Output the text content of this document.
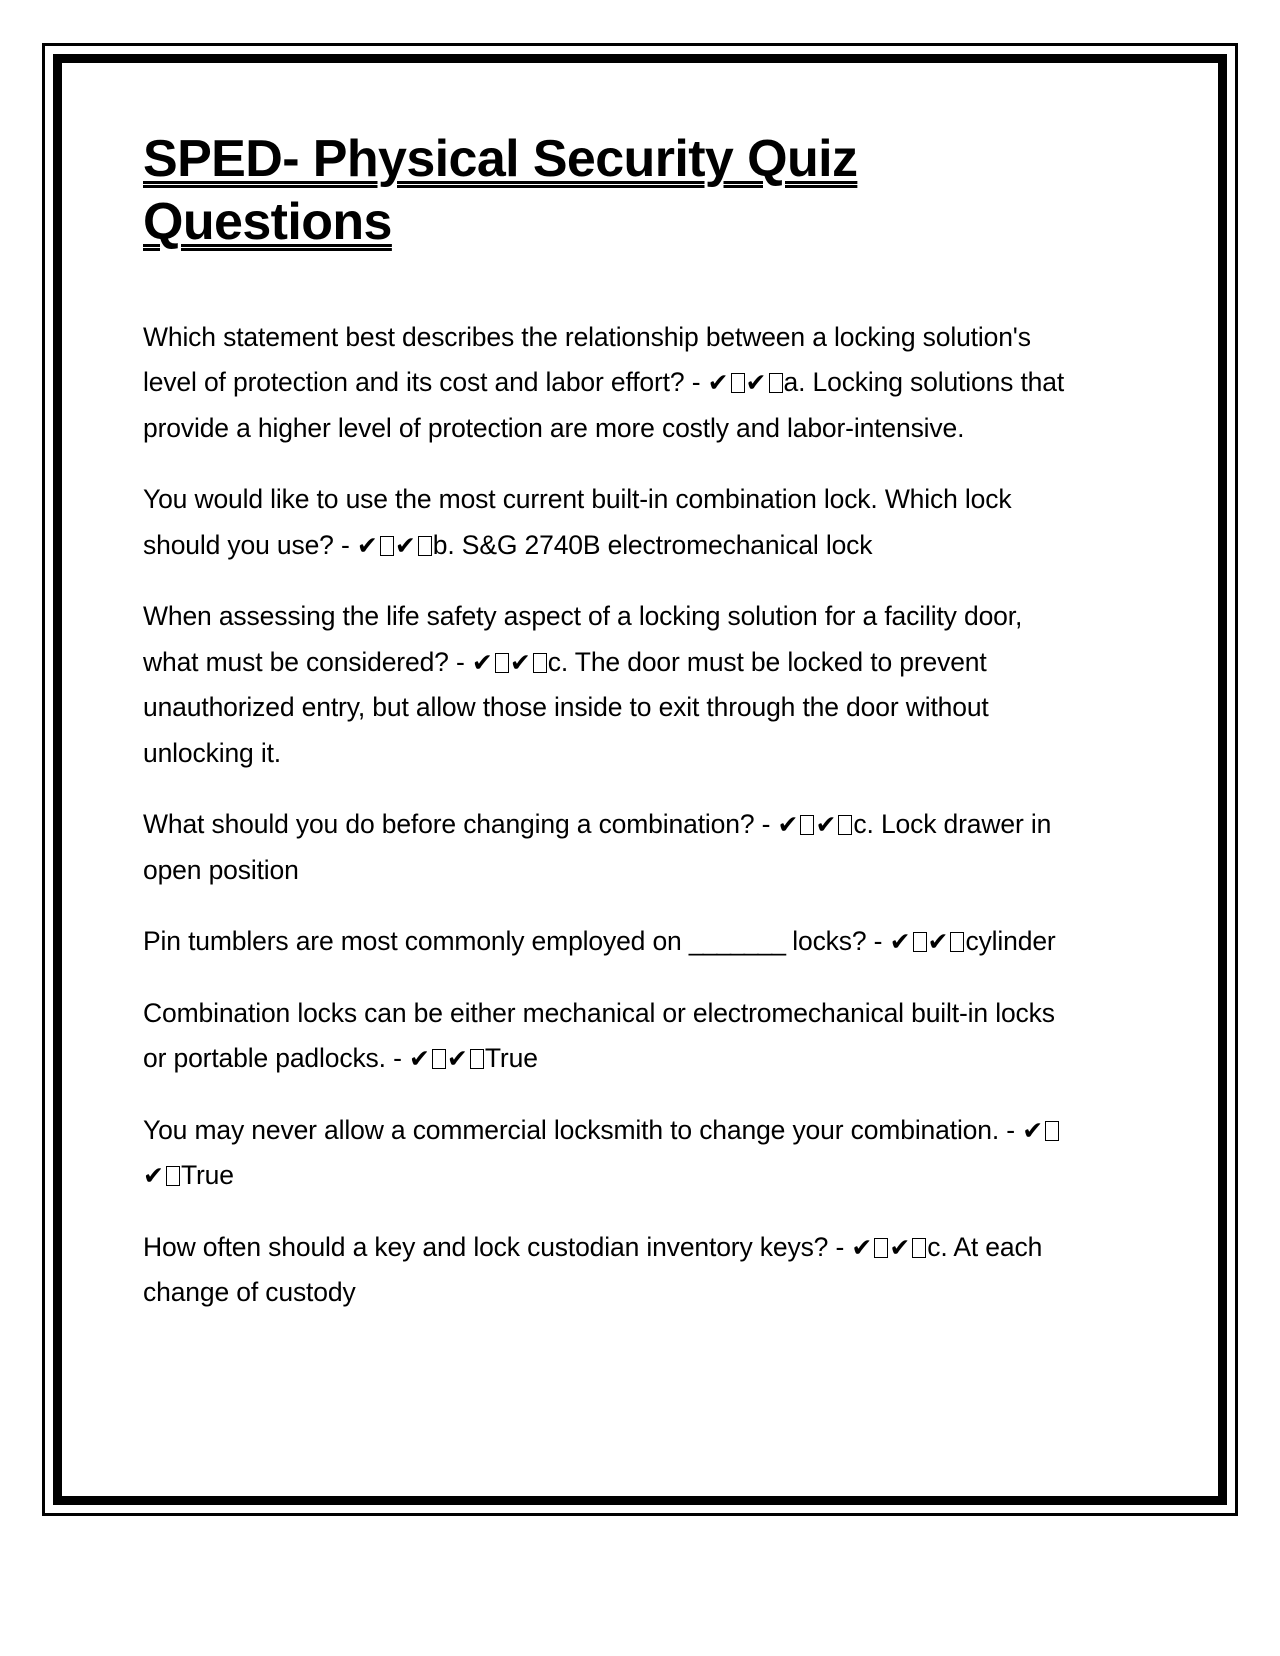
SPED- Physical Security Quiz Questions

Which statement best describes the relationship between a locking solution's level of protection and its cost and labor effort? - ✔ ✔ a. Locking solutions that provide a higher level of protection are more costly and labor-intensive.

You would like to use the most current built-in combination lock. Which lock should you use? - ✔ ✔ b. S&G 2740B electromechanical lock

When assessing the life safety aspect of a locking solution for a facility door, what must be considered? - ✔ ✔ c. The door must be locked to prevent unauthorized entry, but allow those inside to exit through the door without unlocking it.

What should you do before changing a combination? - ✔ ✔ c. Lock drawer in open position

Pin tumblers are most commonly employed on _______ locks? - ✔ ✔ cylinder

Combination locks can be either mechanical or electromechanical built-in locks or portable padlocks. - ✔ ✔ True

You may never allow a commercial locksmith to change your combination. - ✔✔ True

How often should a key and lock custodian inventory keys? - ✔ ✔ c. At each change of custody
